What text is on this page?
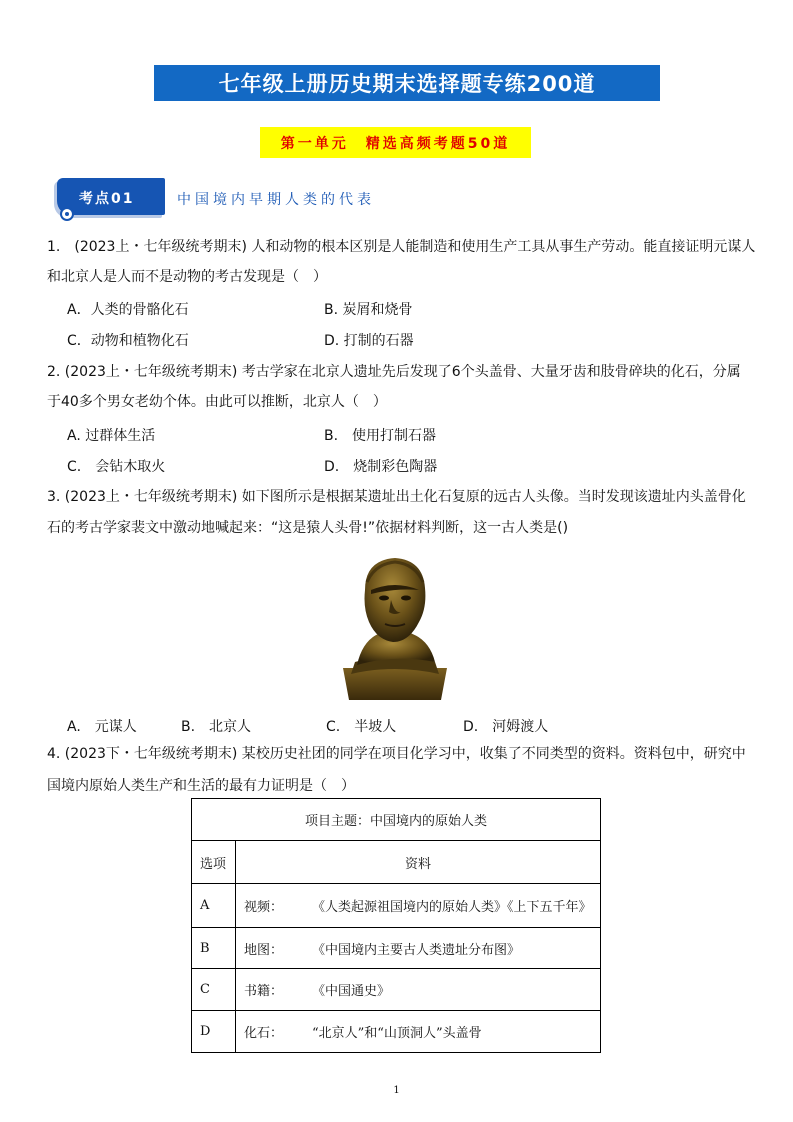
七年级上册历史期末选择题专练200道
第一单元　精选高频考题50道
考点01	中国境内早期人类的代表
1.　(2023上・七年级统考期末) 人和动物的根本区别是人能制造和使用生产工具从事生产劳动。能直接证明元谋人
和北京人是人而不是动物的考古发现是（　）
A．人类的骨骼化石	B. 炭屑和烧骨
C．动物和植物化石	D. 打制的石器
2. (2023上・七年级统考期末) 考古学家在北京人遗址先后发现了6个头盖骨、大量牙齿和肢骨碎块的化石，分属
于40多个男女老幼个体。由此可以推断，北京人（　）
A. 过群体生活	B.　使用打制石器
C.　会钻木取火	D.　烧制彩色陶器
3. (2023上・七年级统考期末) 如下图所示是根据某遗址出土化石复原的远古人头像。当时发现该遗址内头盖骨化
石的考古学家裴文中激动地喊起来：“这是猿人头骨!”依据材料判断，这一古人类是()
A.　元谋人	B.　北京人	C.　半坡人	D.　河姆渡人
4. (2023下・七年级统考期末) 某校历史社团的同学在项目化学习中，收集了不同类型的资料。资料包中，研究中
国境内原始人类生产和生活的最有力证明是（　）
项目主题：中国境内的原始人类	
选项	资料
A	视频： 《人类起源祖国境内的原始人类》《上下五千年》
B	地图： 《中国境内主要古人类遗址分布图》
C	书籍： 《中国通史》
D	化石： “北京人”和“山顶洞人”头盖骨
1
